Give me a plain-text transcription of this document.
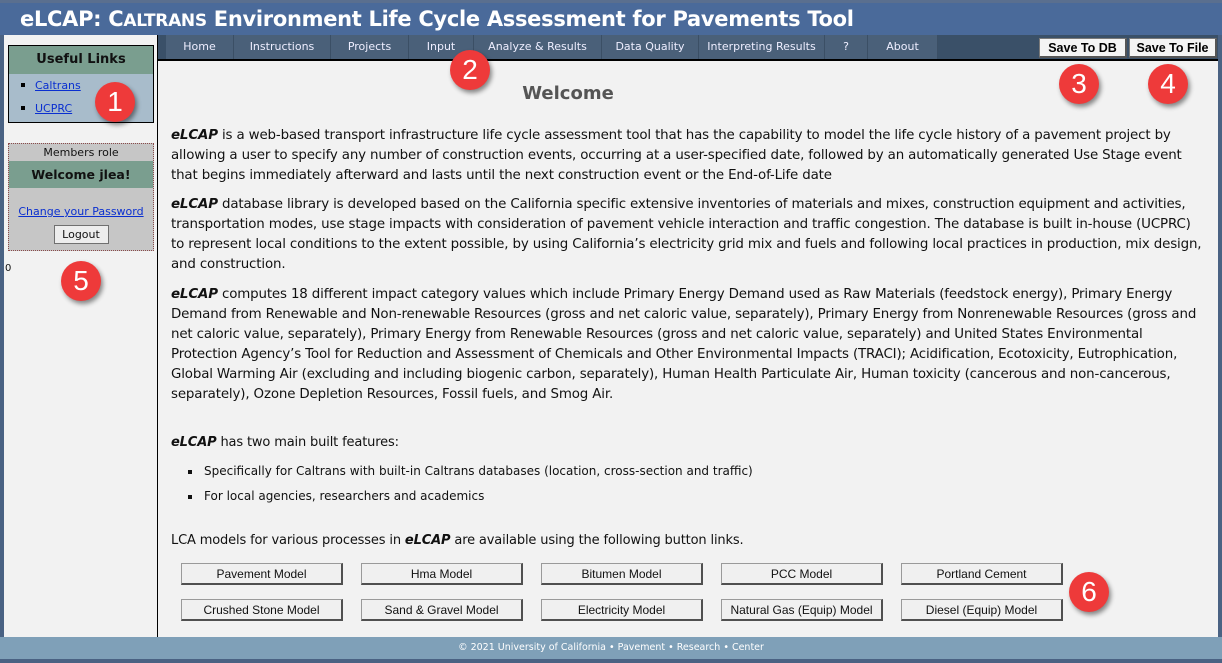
eLCAP: CALTRANS Environment Life Cycle Assessment for Pavements Tool
Useful Links
Caltrans
UCPRC
Members role
Welcome jlea!
Change your Password
Logout
0
Home	Instructions	Projects	Input	Analyze & Results	Data Quality	Interpreting Results	?	About	Save To DB	Save To File
Welcome

eLCAP is a web-based transport infrastructure life cycle assessment tool that has the capability to model the life cycle history of a pavement project by allowing a user to specify any number of construction events, occurring at a user-specified date, followed by an automatically generated Use Stage event that begins immediately afterward and lasts until the next construction event or the End-of-Life date

eLCAP database library is developed based on the California specific extensive inventories of materials and mixes, construction equipment and activities, transportation modes, use stage impacts with consideration of pavement vehicle interaction and traffic congestion. The database is built in-house (UCPRC) to represent local conditions to the extent possible, by using California’s electricity grid mix and fuels and following local practices in production, mix design, and construction.

eLCAP computes 18 different impact category values which include Primary Energy Demand used as Raw Materials (feedstock energy), Primary Energy Demand from Renewable and Non-renewable Resources (gross and net caloric value, separately), Primary Energy from Nonrenewable Resources (gross and net caloric value, separately), Primary Energy from Renewable Resources (gross and net caloric value, separately) and United States Environmental Protection Agency’s Tool for Reduction and Assessment of Chemicals and Other Environmental Impacts (TRACI); Acidification, Ecotoxicity, Eutrophication, Global Warming Air (excluding and including biogenic carbon, separately), Human Health Particulate Air, Human toxicity (cancerous and non-cancerous, separately), Ozone Depletion Resources, Fossil fuels, and Smog Air.

eLCAP has two main built features:

Specifically for Caltrans with built-in Caltrans databases (location, cross-section and traffic)
For local agencies, researchers and academics

LCA models for various processes in eLCAP are available using the following button links.

Pavement Model	Hma Model	Bitumen Model	PCC Model	Portland Cement
Crushed Stone Model	Sand & Gravel Model	Electricity Model	Natural Gas (Equip) Model	Diesel (Equip) Model
© 2021 University of California • Pavement • Research • Center
1
2	3	4
5
6
